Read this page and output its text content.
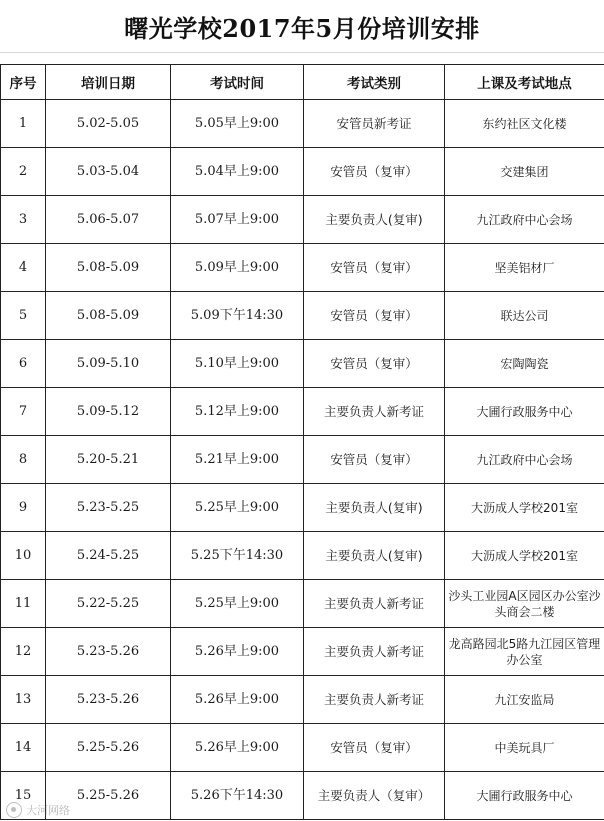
曙光学校2017年5月份培训安排
序号	培训日期	考试时间	考试类别	上课及考试地点
1	5.02-5.05	5.05早上9:00	安管员新考证	东约社区文化楼
2	5.03-5.04	5.04早上9:00	安管员（复审）	交建集团
3	5.06-5.07	5.07早上9:00	主要负责人(复审)	九江政府中心会场
4	5.08-5.09	5.09早上9:00	安管员（复审）	坚美铝材厂
5	5.08-5.09	5.09下午14:30	安管员（复审）	联达公司
6	5.09-5.10	5.10早上9:00	安管员（复审）	宏陶陶瓷
7	5.09-5.12	5.12早上9:00	主要负责人新考证	大圃行政服务中心
8	5.20-5.21	5.21早上9:00	安管员（复审）	九江政府中心会场
9	5.23-5.25	5.25早上9:00	主要负责人(复审)	大沥成人学校201室
10	5.24-5.25	5.25下午14:30	主要负责人(复审)	大沥成人学校201室
11	5.22-5.25	5.25早上9:00	主要负责人新考证	沙头工业园A区园区办公室沙头商会二楼
12	5.23-5.26	5.26早上9:00	主要负责人新考证	龙高路园北5路九江园区管理办公室
13	5.23-5.26	5.26早上9:00	主要负责人新考证	九江安监局
14	5.25-5.26	5.26早上9:00	安管员（复审）	中美玩具厂
15	5.25-5.26	5.26下午14:30	主要负责人（复审）	大圃行政服务中心
大河网络
